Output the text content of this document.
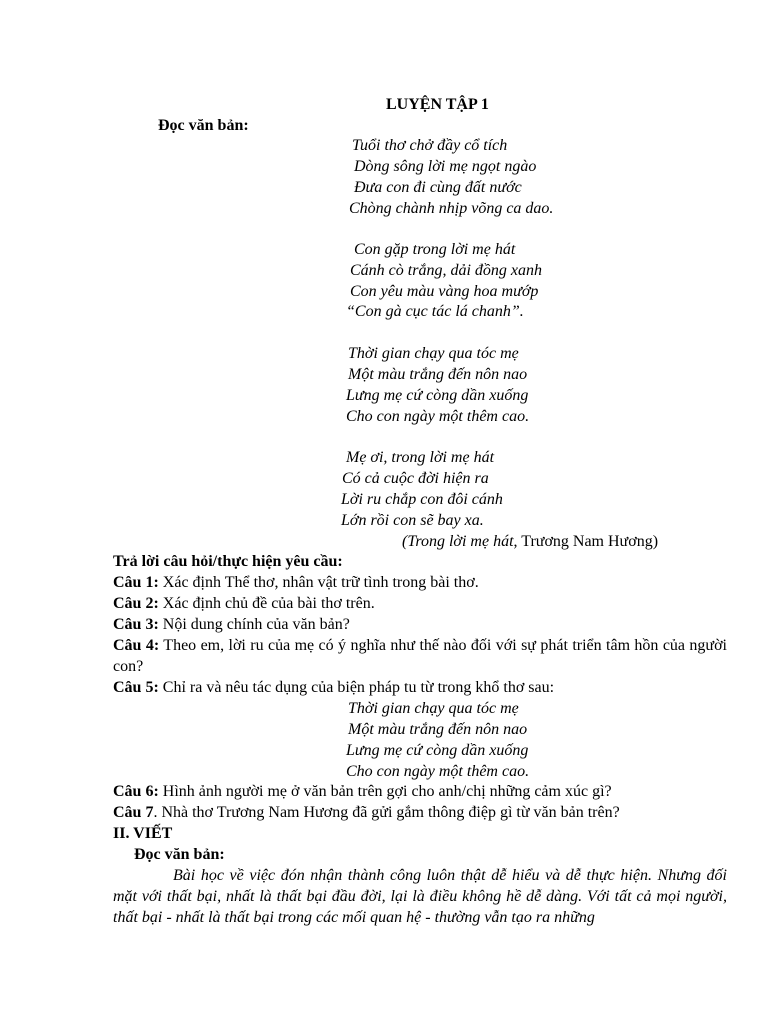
LUYỆN TẬP 1
Đọc văn bản:
Tuổi thơ chở đầy cổ tích
Dòng sông lời mẹ ngọt ngào
Đưa con đi cùng đất nước
Chòng chành nhịp võng ca dao.
Con gặp trong lời mẹ hát
Cánh cò trắng, dải đồng xanh
Con yêu màu vàng hoa mướp
“Con gà cục tác lá chanh”.
Thời gian chạy qua tóc mẹ
Một màu trắng đến nôn nao
Lưng mẹ cứ còng dần xuống
Cho con ngày một thêm cao.
Mẹ ơi, trong lời mẹ hát
Có cả cuộc đời hiện ra
Lời ru chắp con đôi cánh
Lớn rồi con sẽ bay xa.
(Trong lời mẹ hát, Trương Nam Hương)
Trả lời câu hỏi/thực hiện yêu cầu:
Câu 1: Xác định Thể thơ, nhân vật trữ tình trong bài thơ.
Câu 2: Xác định chủ đề của bài thơ trên.
Câu 3: Nội dung chính của văn bản?
Câu 4: Theo em, lời ru của mẹ có ý nghĩa như thế nào đối với sự phát triển tâm hồn của người con?
Câu 5: Chỉ ra và nêu tác dụng của biện pháp tu từ trong khổ thơ sau:
Thời gian chạy qua tóc mẹ
Một màu trắng đến nôn nao
Lưng mẹ cứ còng dần xuống
Cho con ngày một thêm cao.
Câu 6: Hình ảnh người mẹ ở văn bản trên gợi cho anh/chị những cảm xúc gì?
Câu 7. Nhà thơ Trương Nam Hương đã gửi gắm thông điệp gì từ văn bản trên?
II. VIẾT
Đọc văn bản:
Bài học về việc đón nhận thành công luôn thật dễ hiểu và dễ thực hiện. Nhưng đối mặt với thất bại, nhất là thất bại đầu đời, lại là điều không hề dễ dàng. Với tất cả mọi người, thất bại - nhất là thất bại trong các mối quan hệ - thường vẫn tạo ra những
